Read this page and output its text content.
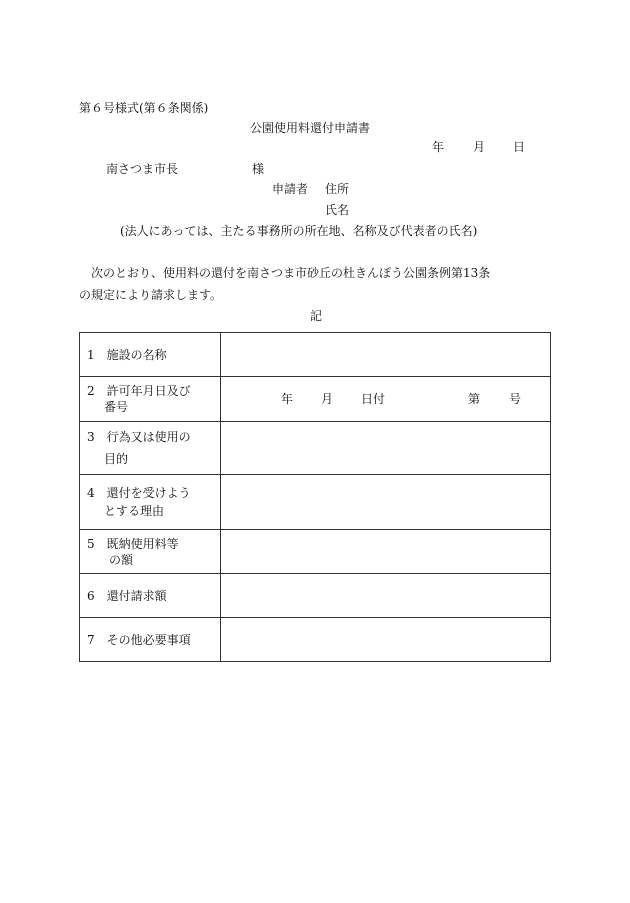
第６号様式(第６条関係)
公園使用料還付申請書
年 月 日
南さつま市長	様
申請者 住所
氏名
(法人にあっては、主たる事務所の所在地、名称及び代表者の氏名)
次のとおり、使用料の還付を南さつま市砂丘の杜きんぽう公園条例第13条
の規定により請求します。
記
1　施設の名称	

2　許可年月日及び
番号	年 月 日付 第 号

3　行為又は使用の
目的	

4　還付を受けよう
とする理由	

5　既納使用料等
の額	

6　還付請求額	

7　その他必要事項	
